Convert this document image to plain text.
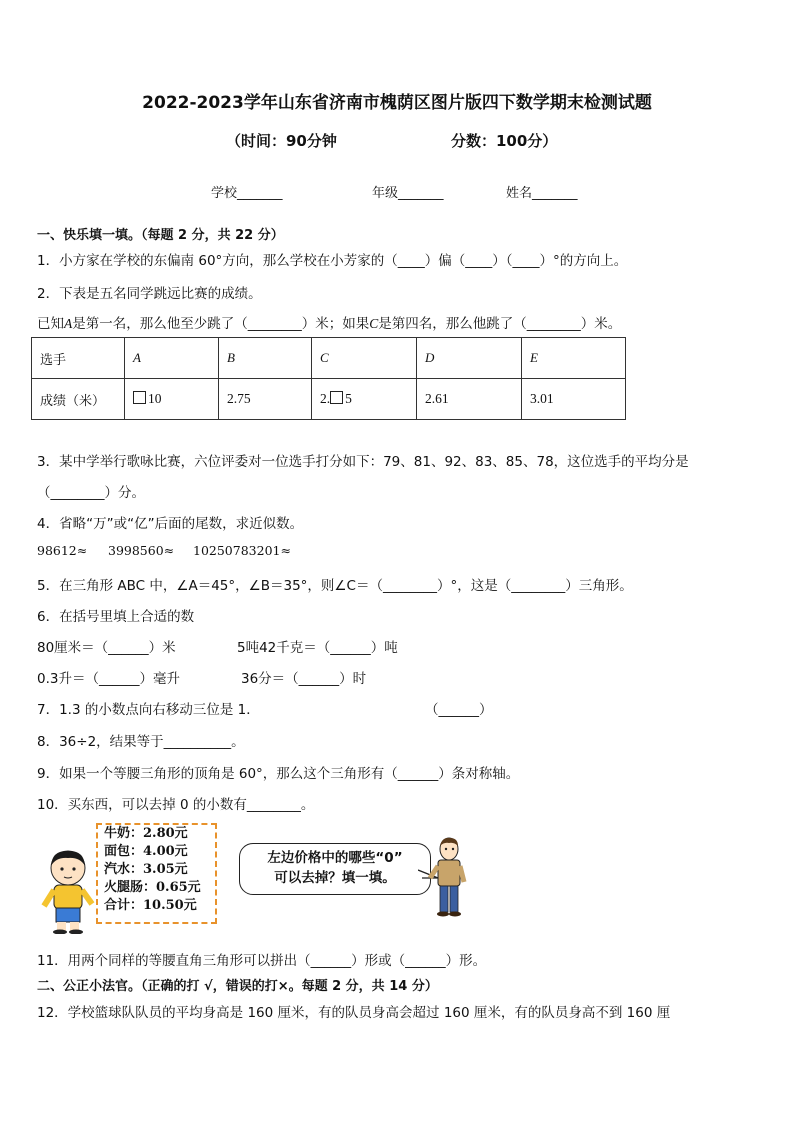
2022-2023学年山东省济南市槐荫区图片版四下数学期末检测试题
（时间：90分钟	分数：100分）
学校_______	年级_______	姓名_______
一、快乐填一填。（每题 2 分，共 22 分）
1．小方家在学校的东偏南 60°方向，那么学校在小芳家的（____）偏（____）（____）°的方向上。
2．下表是五名同学跳远比赛的成绩。
已知A是第一名，那么他至少跳了（________）米；如果C是第四名，那么他跳了（________）米。
选手	A	B	C	D	E
成绩（米）	10	2.75	2. 5	2.61	3.01
3．某中学举行歌咏比赛，六位评委对一位选手打分如下：79、81、92、83、85、78，这位选手的平均分是
（________）分。
4．省略“万”或“亿”后面的尾数，求近似数。
98612≈ 3998560≈ 10250783201≈
5．在三角形 ABC 中，∠A＝45°，∠B＝35°，则∠C＝（________）°，这是（________）三角形。
6．在括号里填上合适的数
80厘米＝（______）米	5吨42千克＝（______）吨
0.3升＝（______）毫升	36分＝（______）时
7．1.3 的小数点向右移动三位是 1．	（______）
8．36÷2，结果等于__________。
9．如果一个等腰三角形的顶角是 60°，那么这个三角形有（______）条对称轴。
10．买东西，可以去掉 0 的小数有________。
牛奶：2.80元
面包：4.00元
汽水：3.05元
火腿肠：0.65元
合计：10.50元
左边价格中的哪些“0”
可以去掉？填一填。
11．用两个同样的等腰直角三角形可以拼出（______）形或（______）形。
二、公正小法官。（正确的打 √，错误的打×。每题 2 分，共 14 分）
12．学校篮球队队员的平均身高是 160 厘米，有的队员身高会超过 160 厘米，有的队员身高不到 160 厘
